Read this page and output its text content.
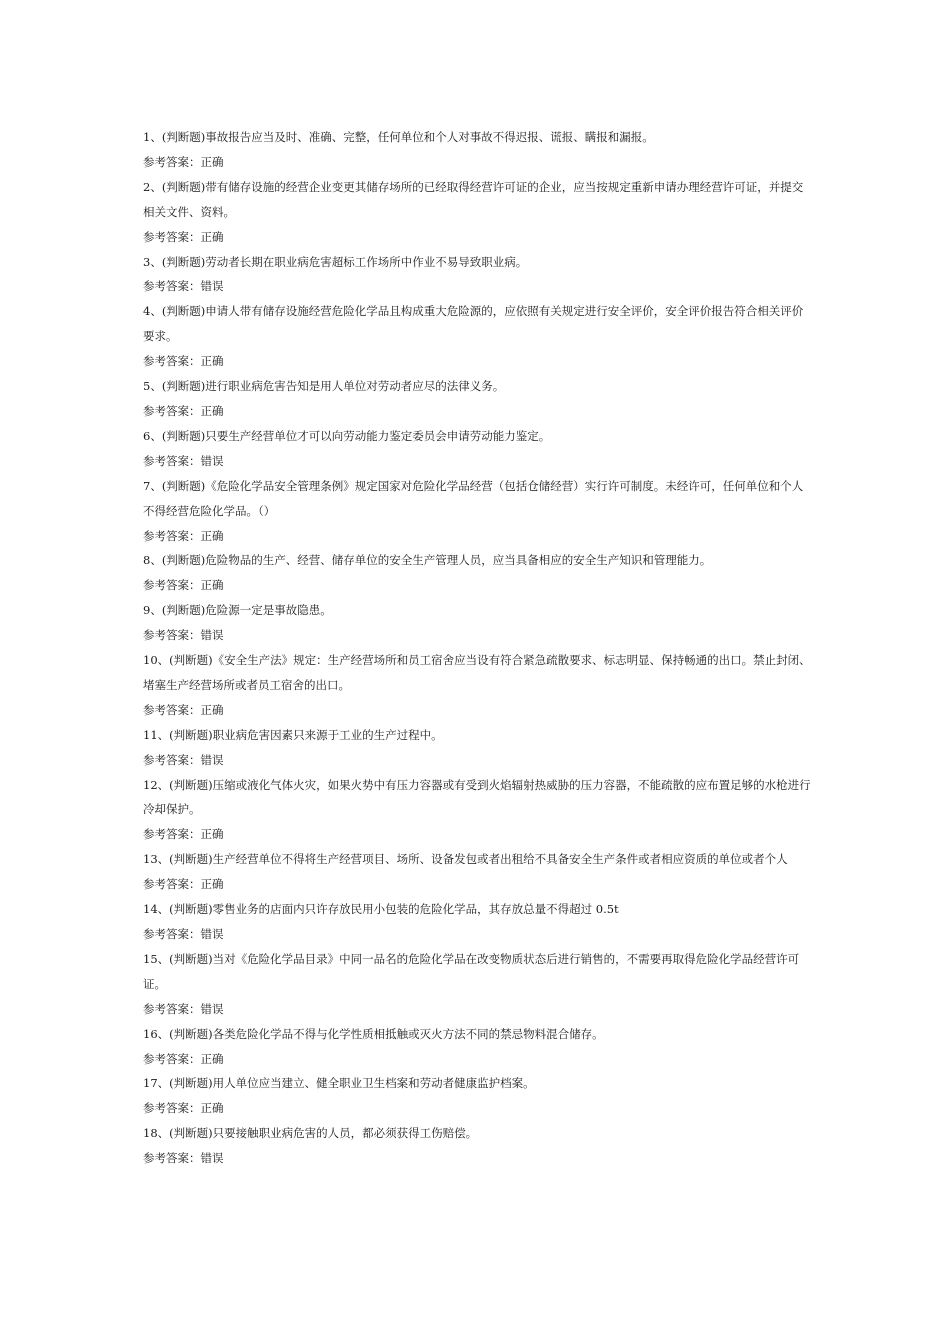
1、(判断题)事故报告应当及时、准确、完整，任何单位和个人对事故不得迟报、谎报、瞒报和漏报。

参考答案：正确

2、(判断题)带有储存设施的经营企业变更其储存场所的已经取得经营许可证的企业，应当按规定重新申请办理经营许可证，并提交相关文件、资料。

参考答案：正确

3、(判断题)劳动者长期在职业病危害超标工作场所中作业不易导致职业病。

参考答案：错误

4、(判断题)申请人带有储存设施经营危险化学品且构成重大危险源的，应依照有关规定进行安全评价，安全评价报告符合相关评价要求。

参考答案：正确

5、(判断题)进行职业病危害告知是用人单位对劳动者应尽的法律义务。

参考答案：正确

6、(判断题)只要生产经营单位才可以向劳动能力鉴定委员会申请劳动能力鉴定。

参考答案：错误

7、(判断题)《危险化学品安全管理条例》规定国家对危险化学品经营（包括仓储经营）实行许可制度。未经许可，任何单位和个人不得经营危险化学品。（）

参考答案：正确

8、(判断题)危险物品的生产、经营、储存单位的安全生产管理人员，应当具备相应的安全生产知识和管理能力。

参考答案：正确

9、(判断题)危险源一定是事故隐患。

参考答案：错误

10、(判断题)《安全生产法》规定：生产经营场所和员工宿舍应当设有符合紧急疏散要求、标志明显、保持畅通的出口。禁止封闭、堵塞生产经营场所或者员工宿舍的出口。

参考答案：正确

11、(判断题)职业病危害因素只来源于工业的生产过程中。

参考答案：错误

12、(判断题)压缩或液化气体火灾，如果火势中有压力容器或有受到火焰辐射热威胁的压力容器，不能疏散的应布置足够的水枪进行冷却保护。

参考答案：正确

13、(判断题)生产经营单位不得将生产经营项目、场所、设备发包或者出租给不具备安全生产条件或者相应资质的单位或者个人

参考答案：正确

14、(判断题)零售业务的店面内只许存放民用小包装的危险化学品，其存放总量不得超过 0.5t

参考答案：错误

15、(判断题)当对《危险化学品目录》中同一品名的危险化学品在改变物质状态后进行销售的，不需要再取得危险化学品经营许可证。

参考答案：错误

16、(判断题)各类危险化学品不得与化学性质相抵触或灭火方法不同的禁忌物料混合储存。

参考答案：正确

17、(判断题)用人单位应当建立、健全职业卫生档案和劳动者健康监护档案。

参考答案：正确

18、(判断题)只要接触职业病危害的人员，都必须获得工伤赔偿。

参考答案：错误
